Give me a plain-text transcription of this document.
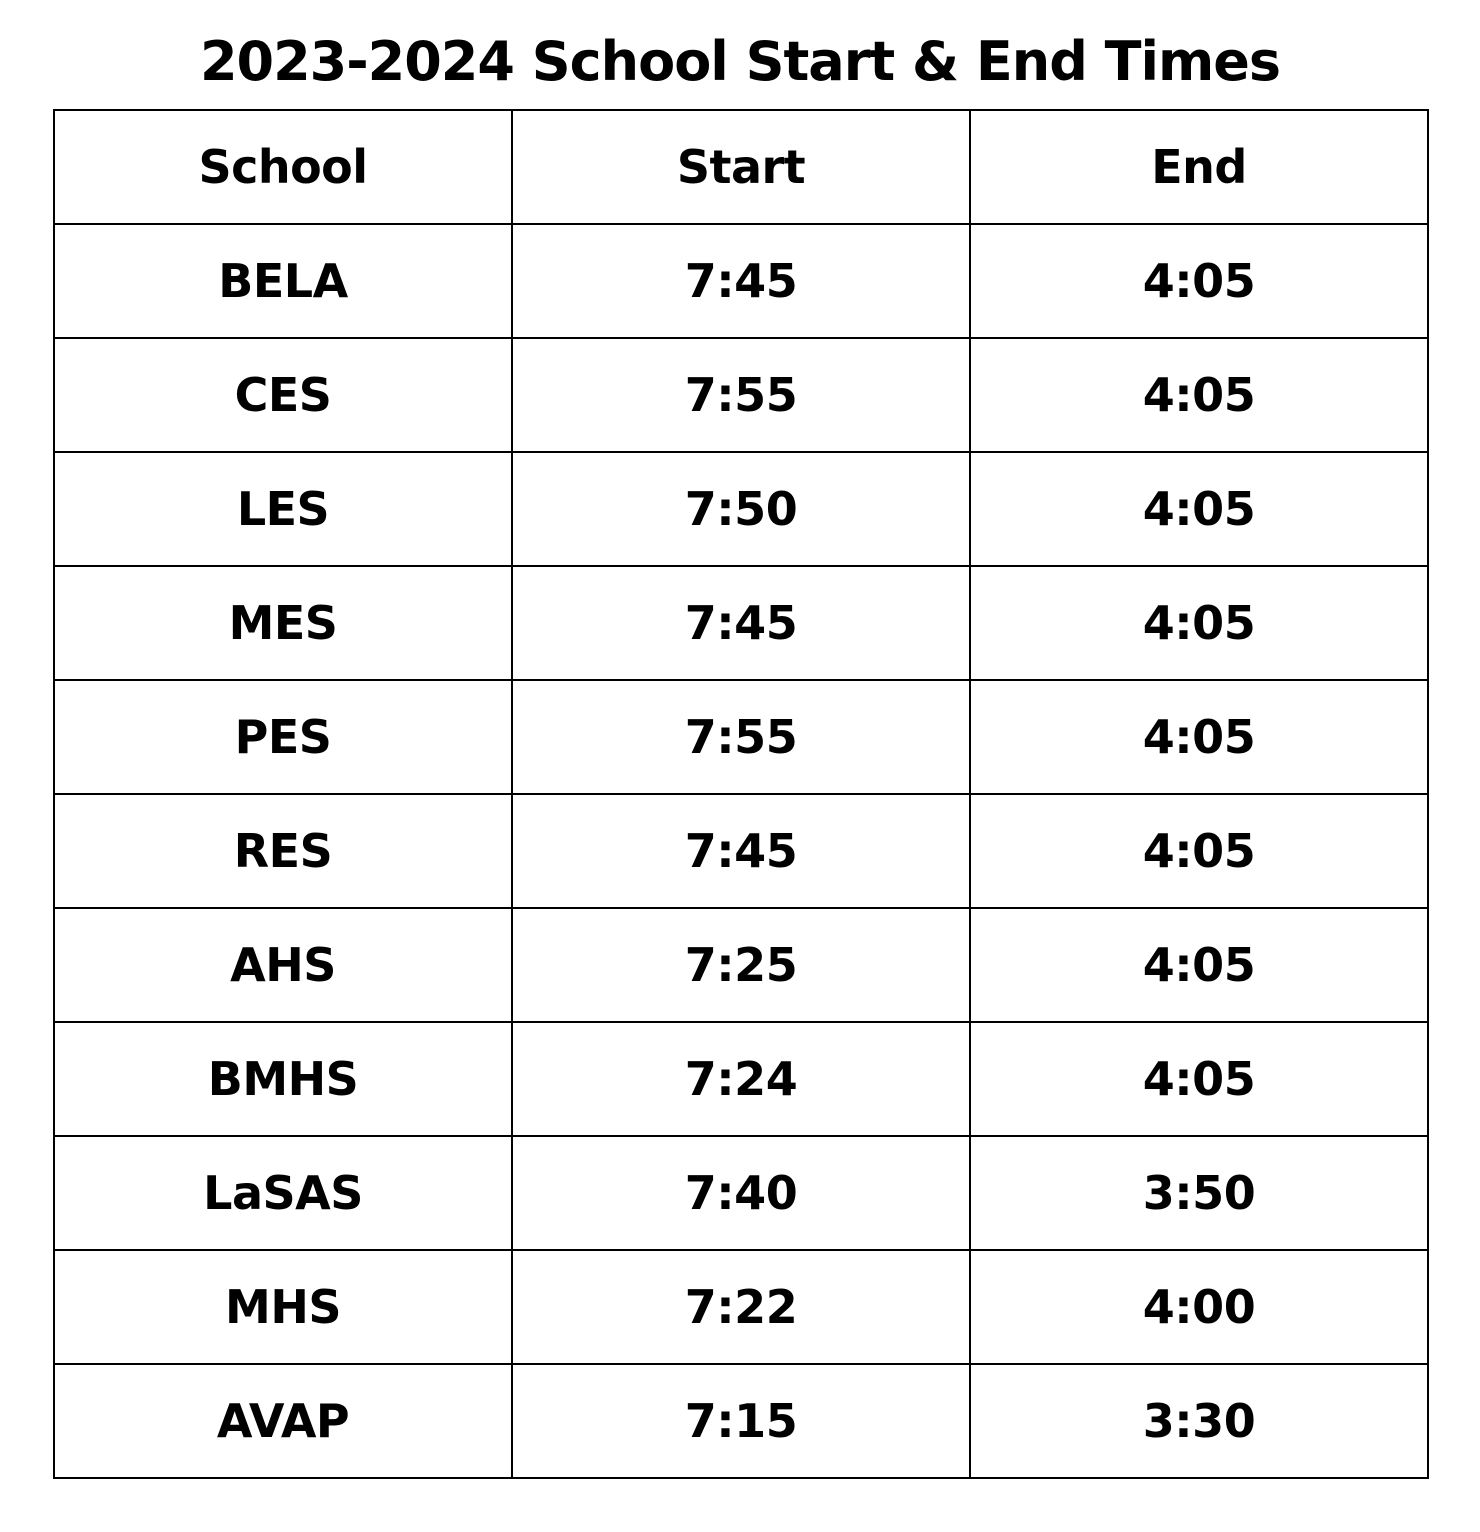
2023-2024 School Start & End Times
School	Start	End
BELA	7:45	4:05
CES	7:55	4:05
LES	7:50	4:05
MES	7:45	4:05
PES	7:55	4:05
RES	7:45	4:05
AHS	7:25	4:05
BMHS	7:24	4:05
LaSAS	7:40	3:50
MHS	7:22	4:00
AVAP	7:15	3:30
